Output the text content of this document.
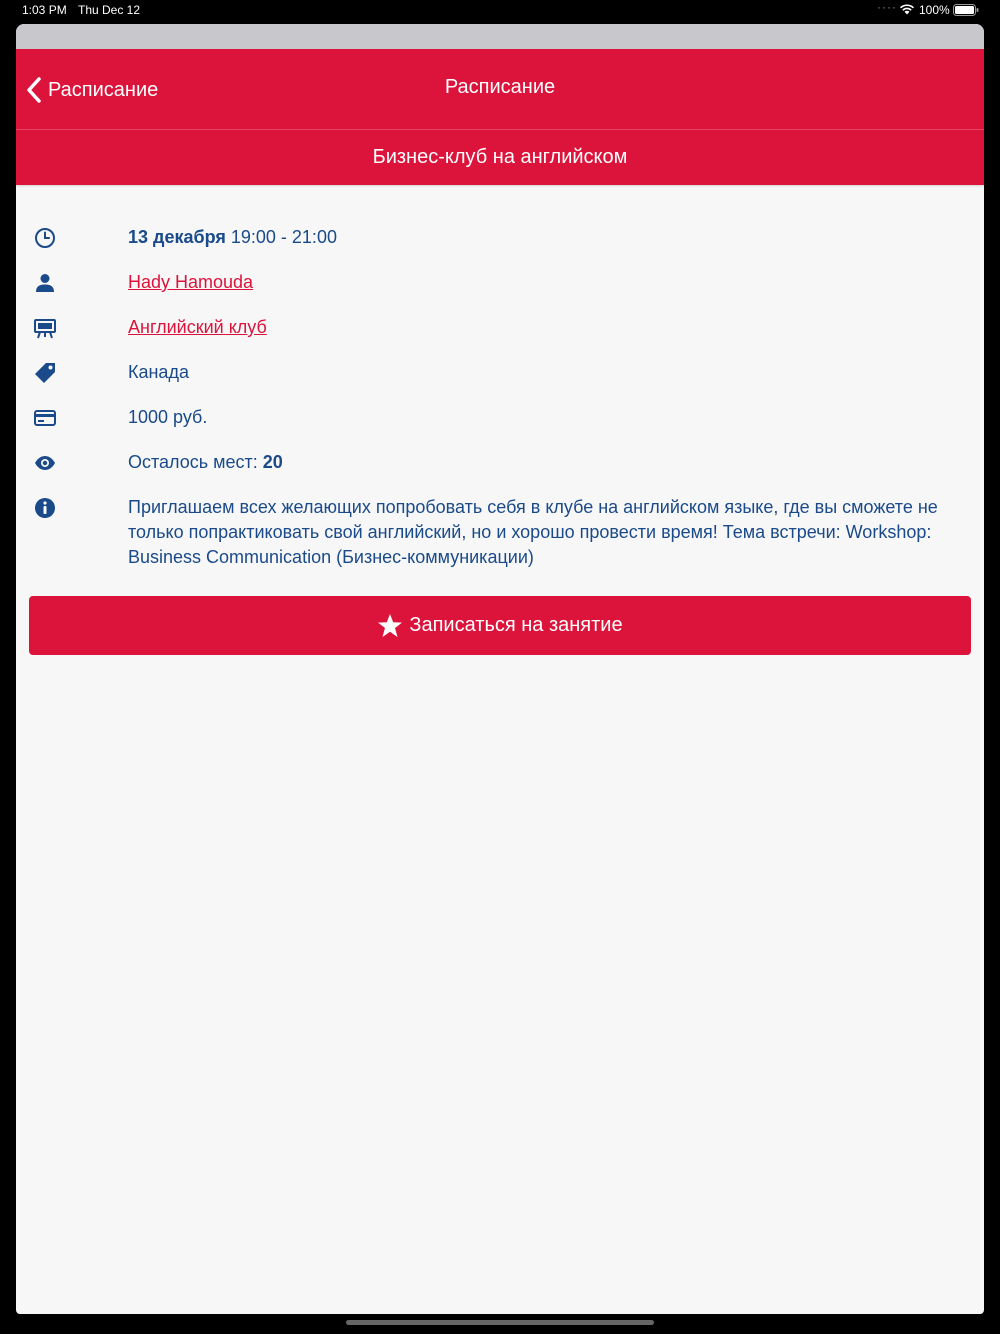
1:03 PM Thu Dec 12	···· 100%
Расписание	Расписание
Бизнес-клуб на английском
13 декабря 19:00 - 21:00
Hady Hamouda
Английский клуб
Канада
1000 руб.
Осталось мест: 20
Приглашаем всех желающих попробовать себя в клубе на английском языке, где вы сможете не только попрактиковать свой английский, но и хорошо провести время! Тема встречи: Workshop: Business Communication (Бизнес-коммуникации)
Записаться на занятие
